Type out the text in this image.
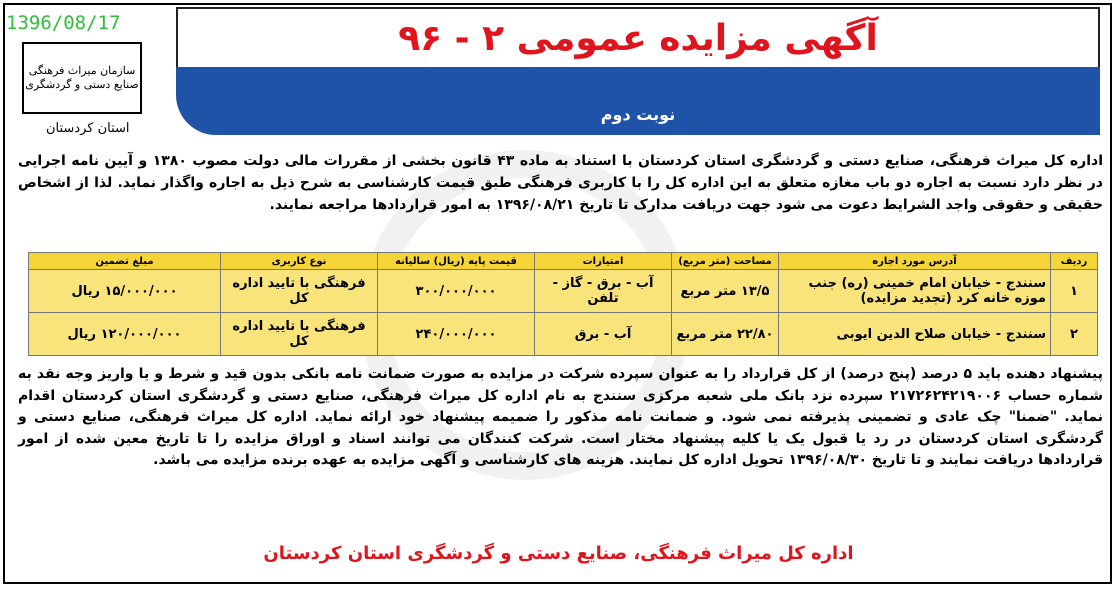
1396/08/17
سازمان میراث فرهنگی
صنایع دستی و گردشگری
استان کردستان
آگهی مزایده عمومی ۲ - ۹۶
نوبت دوم
اداره کل میراث فرهنگی، صنایع دستی و گردشگری استان کردستان با استناد به ماده ۴۳ قانون بخشی از مقررات مالی دولت مصوب ۱۳۸۰ و آیین نامه اجرایی در نظر دارد نسبت به اجاره دو باب مغازه متعلق به این اداره کل را با کاربری فرهنگی طبق قیمت کارشناسی به شرح ذیل به اجاره واگذار نماید. لذا از اشخاص حقیقی و حقوقی واجد الشرایط دعوت می شود جهت دریافت مدارک تا تاریخ ۱۳۹۶/۰۸/۲۱ به امور قراردادها مراجعه نمایند.
ردیف	آدرس مورد اجاره	مساحت (متر مربع)	امتیازات	قیمت پایه (ریال) سالیانه	نوع کاربری	مبلغ تضمین
۱	سنندج - خیابان امام خمینی (ره) جنب موزه خانه کرد (تجدید مزایده)	۱۳/۵ متر مربع	آب - برق - گاز - تلفن	۳۰۰/۰۰۰/۰۰۰	فرهنگی با تایید اداره کل	۱۵/۰۰۰/۰۰۰ ریال
۲	سنندج - خیابان صلاح الدین ایوبی	۲۲/۸۰ متر مربع	آب - برق	۲۴۰/۰۰۰/۰۰۰	فرهنگی با تایید اداره کل	۱۲۰/۰۰۰/۰۰۰ ریال
پیشنهاد دهنده باید ۵ درصد (پنج درصد) از کل قرارداد را به عنوان سپرده شرکت در مزایده به صورت ضمانت نامه بانکی بدون قید و شرط و یا واریز وجه نقد به شماره حساب ۲۱۷۲۶۲۴۲۱۹۰۰۶ سپرده نزد بانک ملی شعبه مرکزی سنندج به نام اداره کل میراث فرهنگی، صنایع دستی و گردشگری استان کردستان اقدام نماید. "ضمنا" چک عادی و تضمینی پذیرفته نمی شود. و ضمانت نامه مذکور را ضمیمه پیشنهاد خود ارائه نماید. اداره کل میراث فرهنگی، صنایع دستی و گردشگری استان کردستان در رد یا قبول یک یا کلیه پیشنهاد مختار است. شرکت کنندگان می توانند اسناد و اوراق مزایده را تا تاریخ معین شده از امور قراردادها دریافت نمایند و تا تاریخ ۱۳۹۶/۰۸/۳۰ تحویل اداره کل نمایند. هزینه های کارشناسی و آگهی مزایده به عهده برنده مزایده می باشد.
اداره کل میراث فرهنگی، صنایع دستی و گردشگری استان کردستان
